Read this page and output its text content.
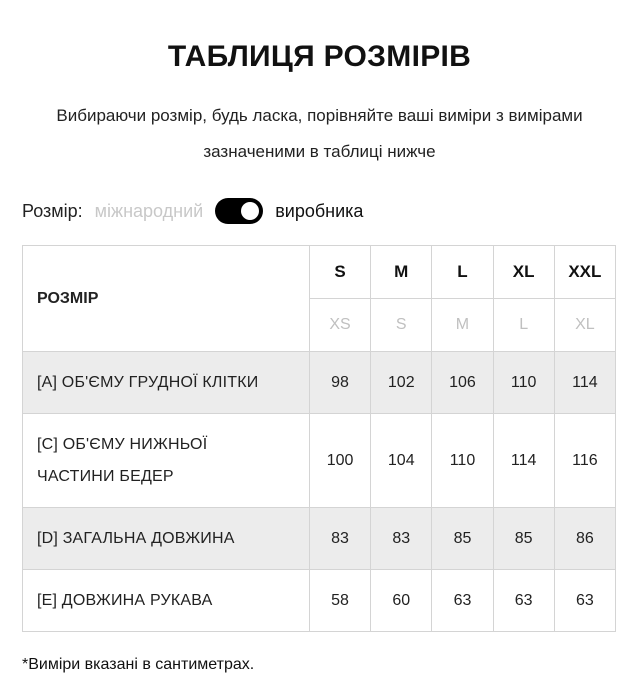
ТАБЛИЦЯ РОЗМІРІВ
Вибираючи розмір, будь ласка, порівняйте ваші виміри з вимірами
зазначеними в таблиці нижче
Розмір: міжнародний	виробника
РОЗМІР	S	M	L	XL	XXL
	XS	S	M	L	XL
[A] ОБ'ЄМУ ГРУДНОЇ КЛІТКИ	98	102	106	110	114

[C] ОБ'ЄМУ НИЖНЬОЇ
ЧАСТИНИ БЕДЕР	100	104	110	114	116
[D] ЗАГАЛЬНА ДОВЖИНА	83	83	85	85	86
[E] ДОВЖИНА РУКАВА	58	60	63	63	63
*Виміри вказані в сантиметрах.
